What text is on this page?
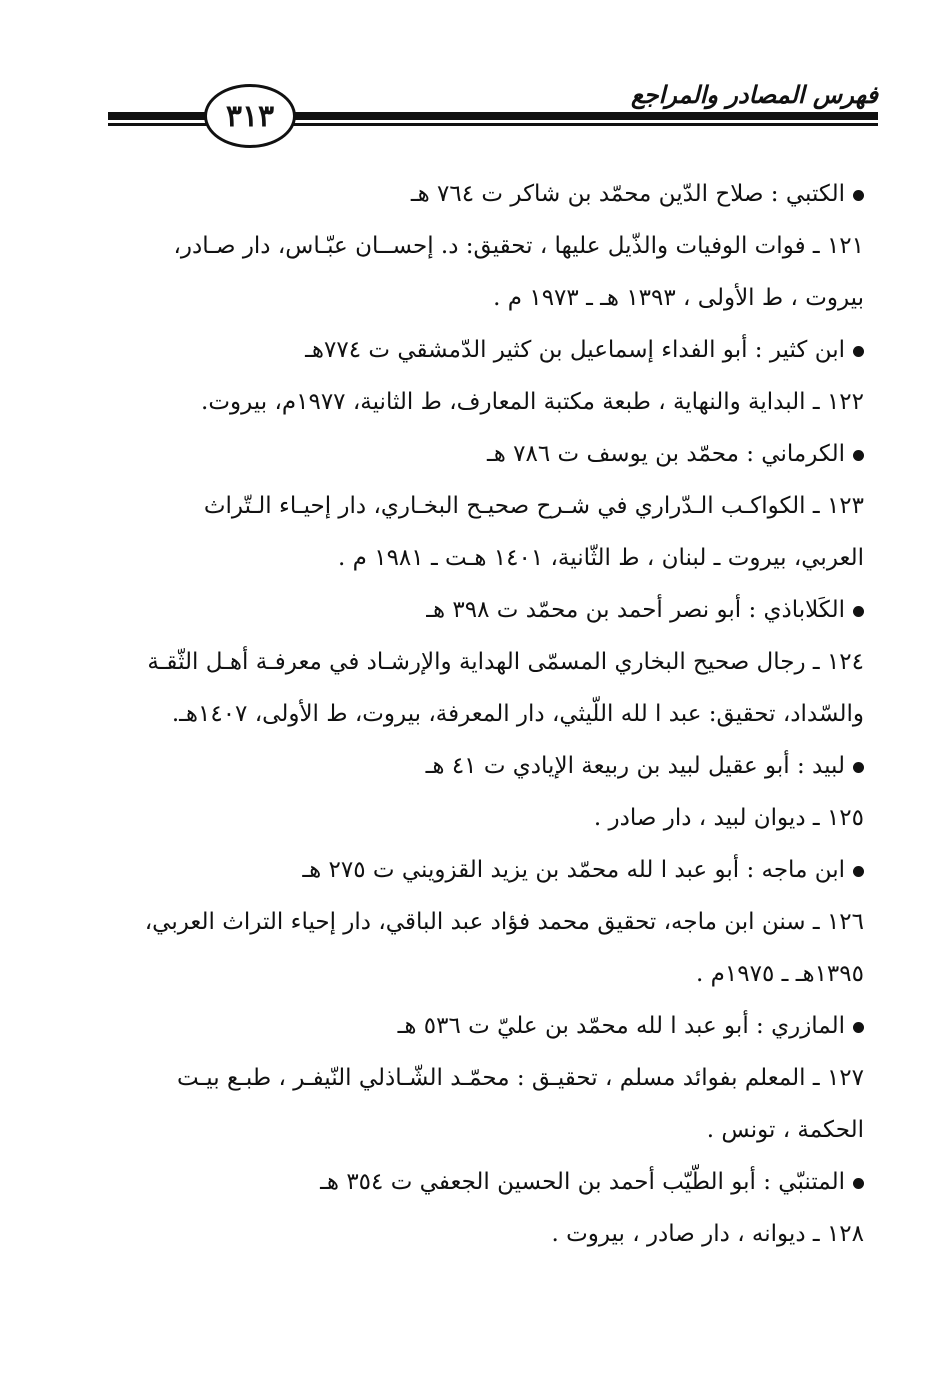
فهرس المصادر والمراجع
٣١٣
الكتبي : صلاح الدّين محمّد بن شاكر ت ٧٦٤ هـ
١٢١ ـ فوات الوفيات والذّيل عليها ، تحقيق: د. إحســان عبّـاس، دار صـادر،
بيروت ، ط الأولى ، ١٣٩٣ هـ ـ ١٩٧٣ م .
ابن كثير : أبو الفداء إسماعيل بن كثير الدّمشقي ت ٧٧٤هـ
١٢٢ ـ البداية والنهاية ، طبعة مكتبة المعارف، ط الثانية، ١٩٧٧م، بيروت.
الكرماني : محمّد بن يوسف ت ٧٨٦ هـ
١٢٣ ـ الكواكـب الـدّراري في شـرح صحيـح البخـاري، دار إحيـاء الـتّراث
العربي، بيروت ـ لبنان ، ط الثّانية، ١٤٠١ هـت ـ ١٩٨١ م .
الكَلاباذي : أبو نصر أحمد بن محمّد ت ٣٩٨ هـ
١٢٤ ـ رجال صحيح البخاري المسمّى الهداية والإرشـاد في معرفـة أهـل الثّقـة
والسّداد، تحقيق: عبد ا لله اللّيثي، دار المعرفة، بيروت، ط الأولى، ١٤٠٧هـ.
لبيد : أبو عقيل لبيد بن ربيعة الإيادي ت ٤١ هـ
١٢٥ ـ ديوان لبيد ، دار صادر .
ابن ماجه : أبو عبد ا لله محمّد بن يزيد القزويني ت ٢٧٥ هـ
١٢٦ ـ سنن ابن ماجه، تحقيق محمد فؤاد عبد الباقي، دار إحياء التراث العربي،
١٣٩٥هـ ـ ١٩٧٥م .
المازري : أبو عبد ا لله محمّد بن عليّ ت ٥٣٦ هـ
١٢٧ ـ المعلم بفوائد مسلم ، تحقيـق : محمّـد الشّـاذلي النّيفـر ، طبـع بيـت
الحكمة ، تونس .
المتنبّي : أبو الطّيّب أحمد بن الحسين الجعفي ت ٣٥٤ هـ
١٢٨ ـ ديوانه ، دار صادر ، بيروت .
